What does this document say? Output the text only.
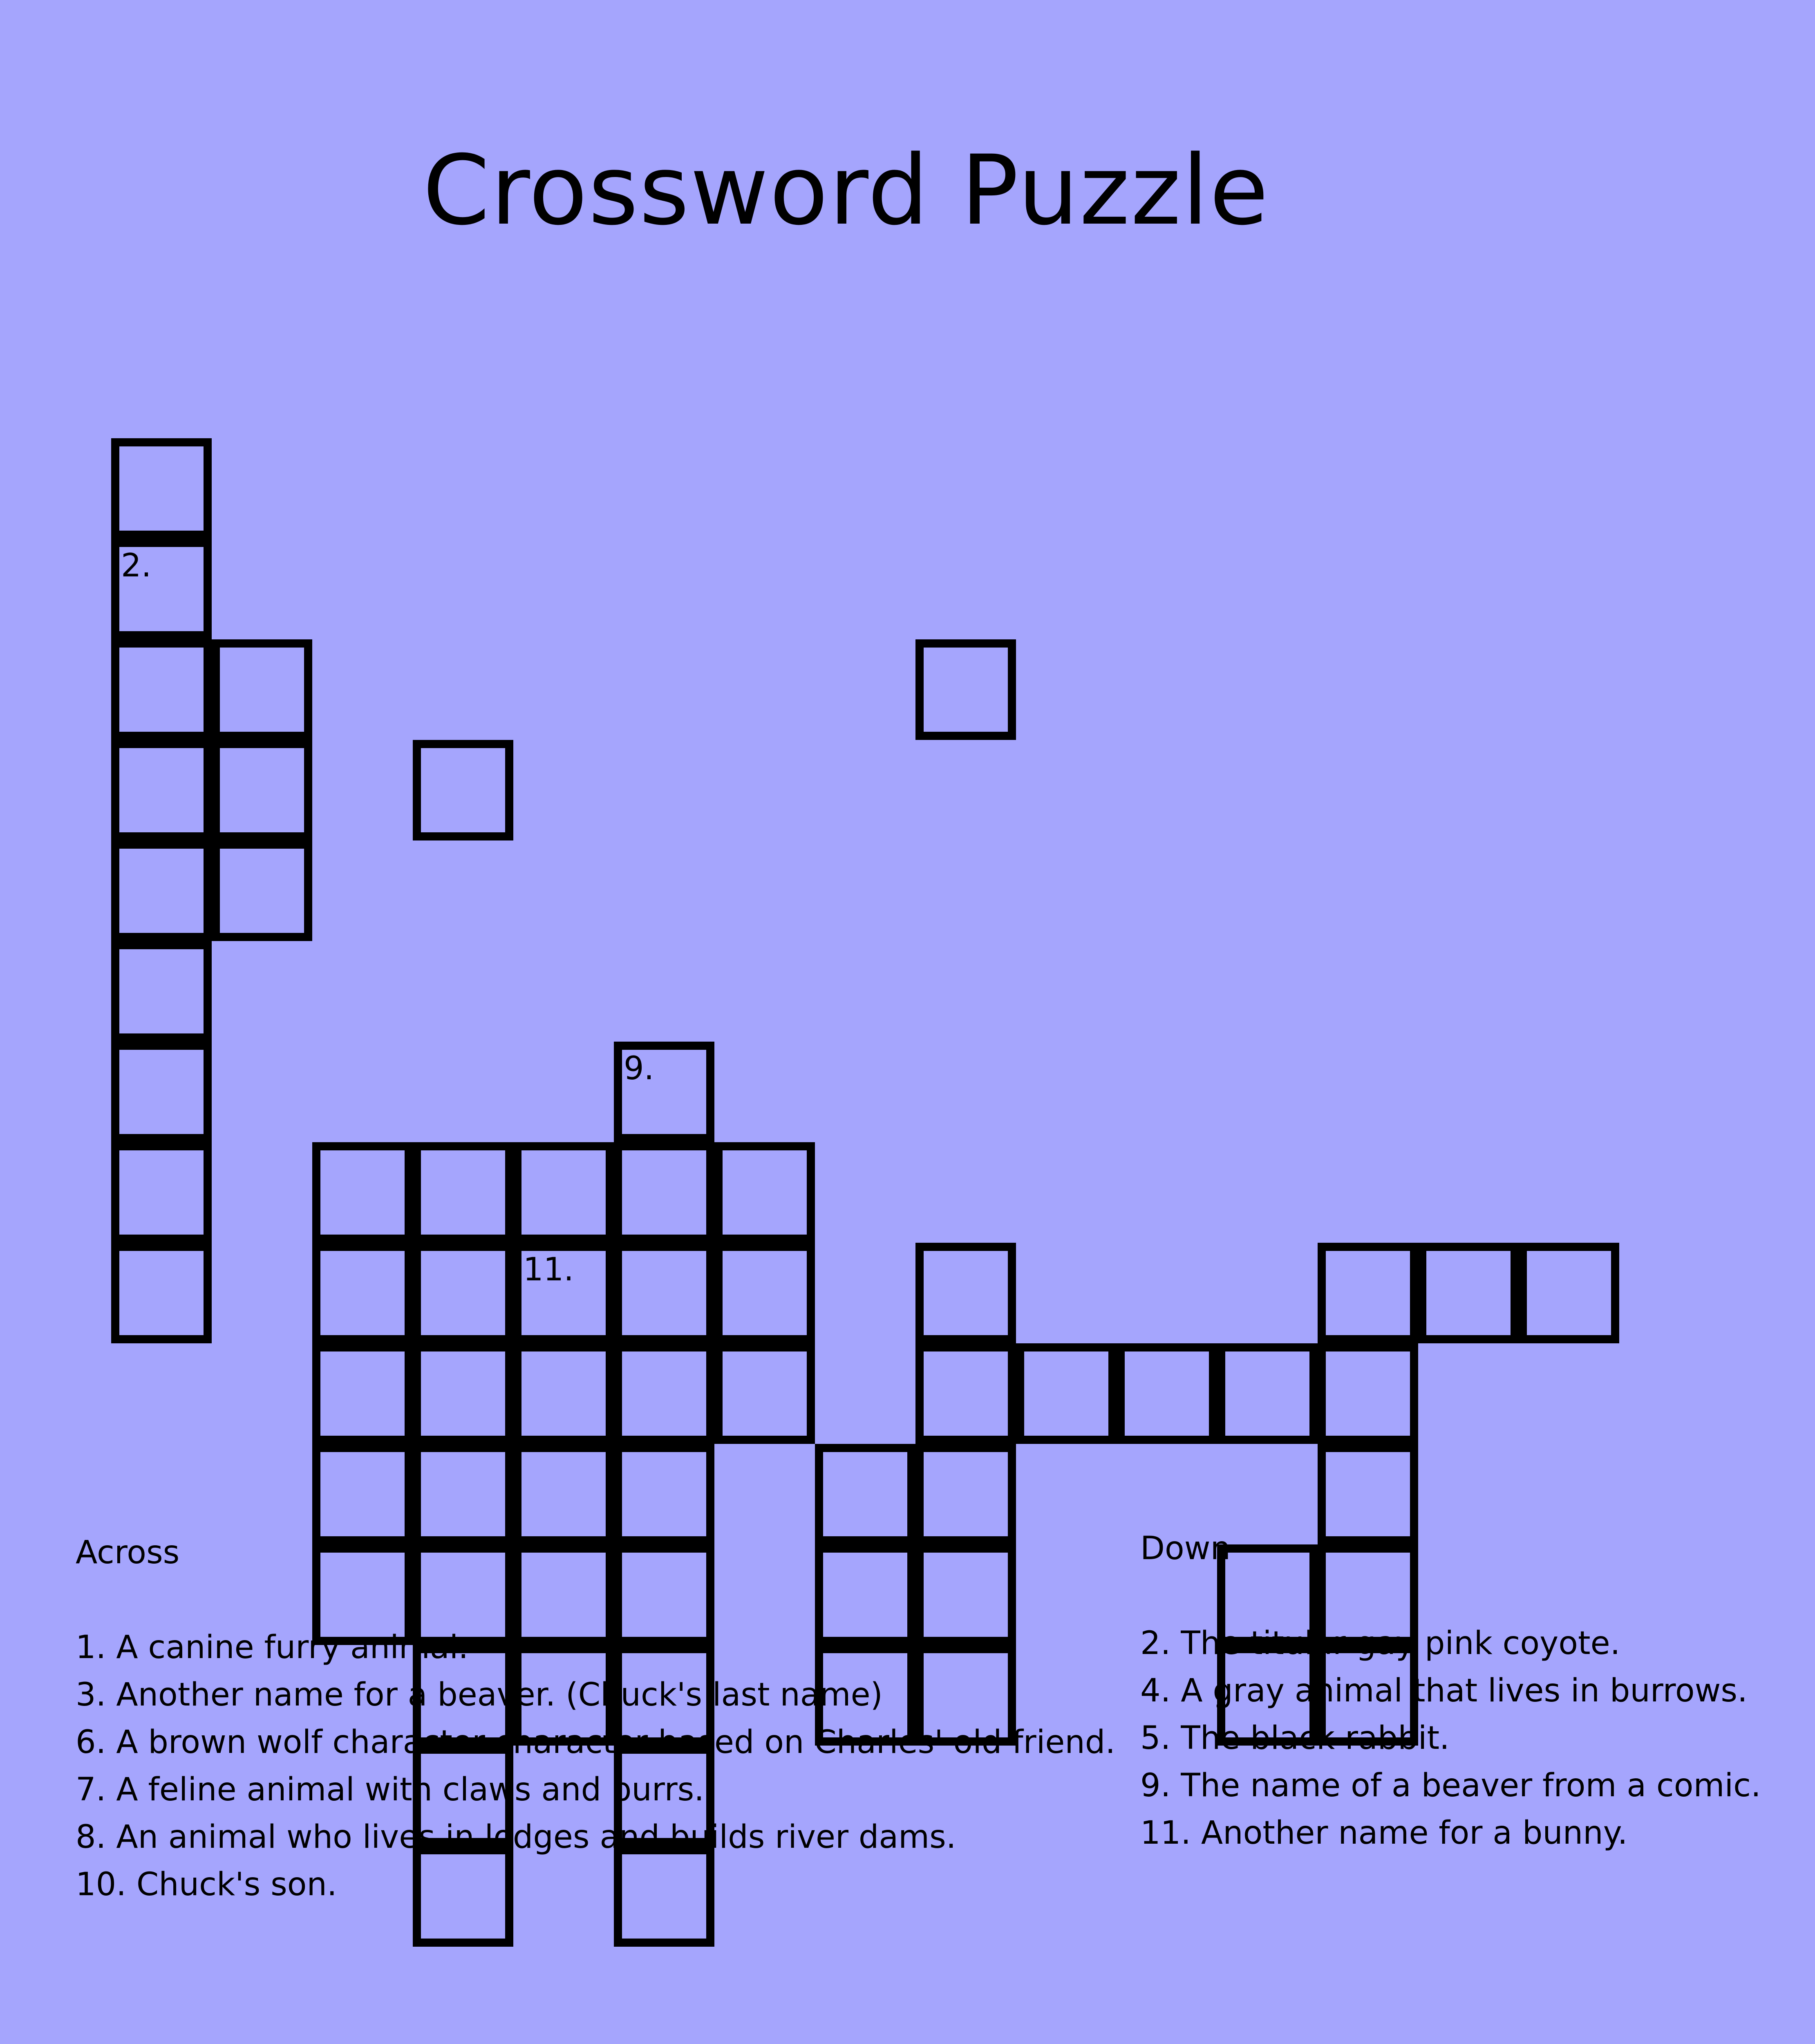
Crossword Puzzle
2.
11.
9.
Across
1. A canine furry animal.
3. Another name for a beaver. (Chuck's last name)
6. A brown wolf character character based on Charles' old friend.
7. A feline animal with claws and purrs.
8. An animal who lives in lodges and builds river dams.
10. Chuck's son.
Down
2. The titular gay pink coyote.
4. A gray animal that lives in burrows.
5. The black rabbit.
9. The name of a beaver from a comic.
11. Another name for a bunny.
